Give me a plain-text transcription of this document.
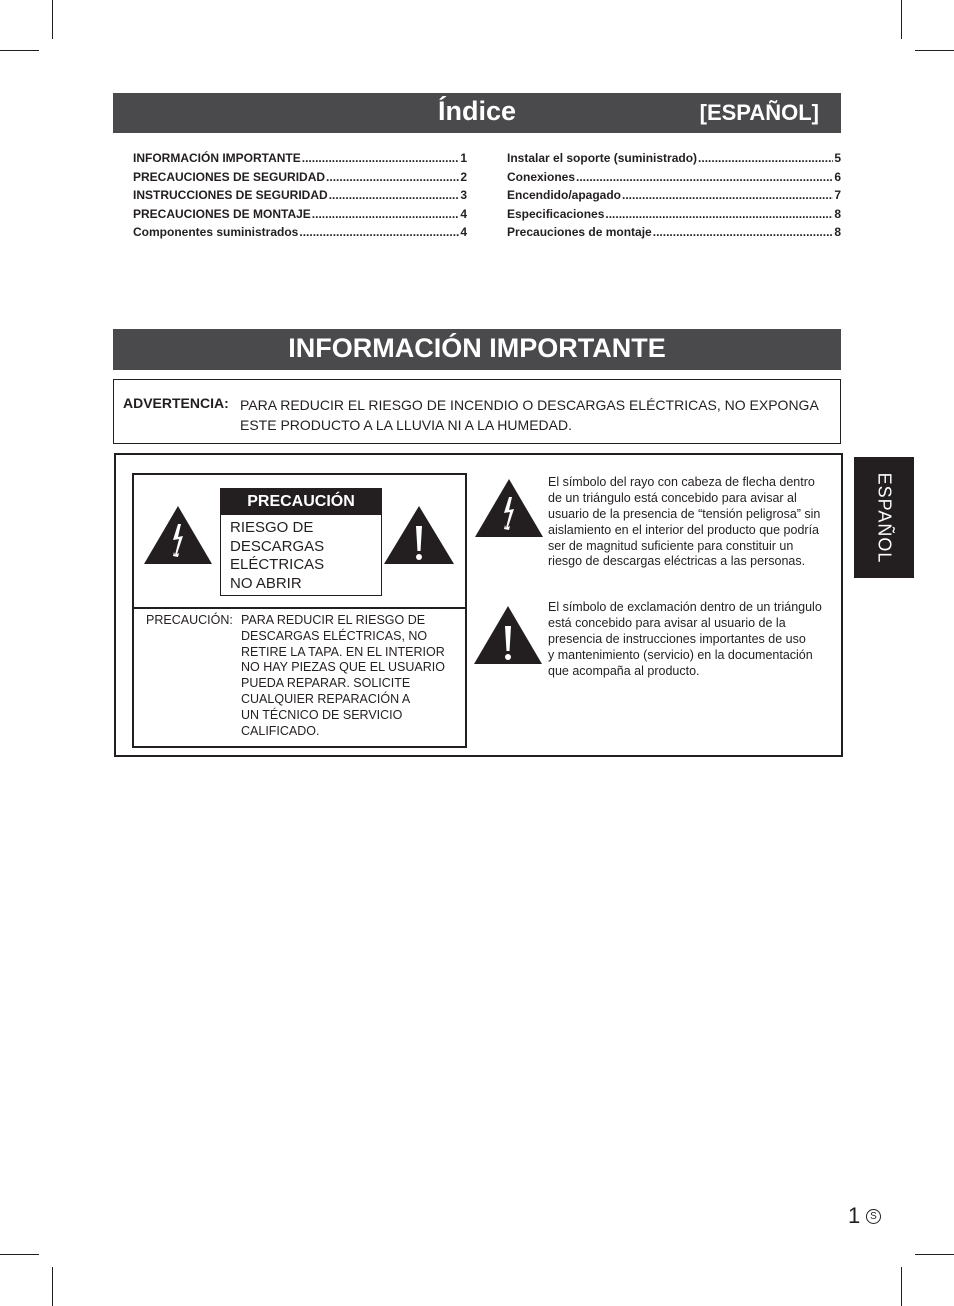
Índice	[ESPAÑOL]
INFORMACIÓN IMPORTANTE .....	1
PRECAUCIONES DE SEGURIDAD .....	2
INSTRUCCIONES DE SEGURIDAD .....	3
PRECAUCIONES DE MONTAJE .....	4
Componentes suministrados .....	4
Instalar el soporte (suministrado) .....	5
Conexiones .....	6
Encendido/apagado .....	7
Especificaciones .....	8
Precauciones de montaje .....	8
INFORMACIÓN IMPORTANTE
ADVERTENCIA: PARA REDUCIR EL RIESGO DE INCENDIO O DESCARGAS ELÉCTRICAS, NO EXPONGA ESTE PRODUCTO A LA LLUVIA NI A LA HUMEDAD.
PRECAUCIÓN
RIESGO DE
DESCARGAS
ELÉCTRICAS
NO ABRIR
PRECAUCIÓN: PARA REDUCIR EL RIESGO DE
DESCARGAS ELÉCTRICAS, NO
RETIRE LA TAPA. EN EL INTERIOR
NO HAY PIEZAS QUE EL USUARIO
PUEDA REPARAR. SOLICITE
CUALQUIER REPARACIÓN A
UN TÉCNICO DE SERVICIO
CALIFICADO.
El símbolo del rayo con cabeza de flecha dentro
de un triángulo está concebido para avisar al
usuario de la presencia de “tensión peligrosa” sin
aislamiento en el interior del producto que podría
ser de magnitud suficiente para constituir un
riesgo de descargas eléctricas a las personas.
El símbolo de exclamación dentro de un triángulo
está concebido para avisar al usuario de la
presencia de instrucciones importantes de uso
y mantenimiento (servicio) en la documentación
que acompaña al producto.
ESPAÑOL
1 S
